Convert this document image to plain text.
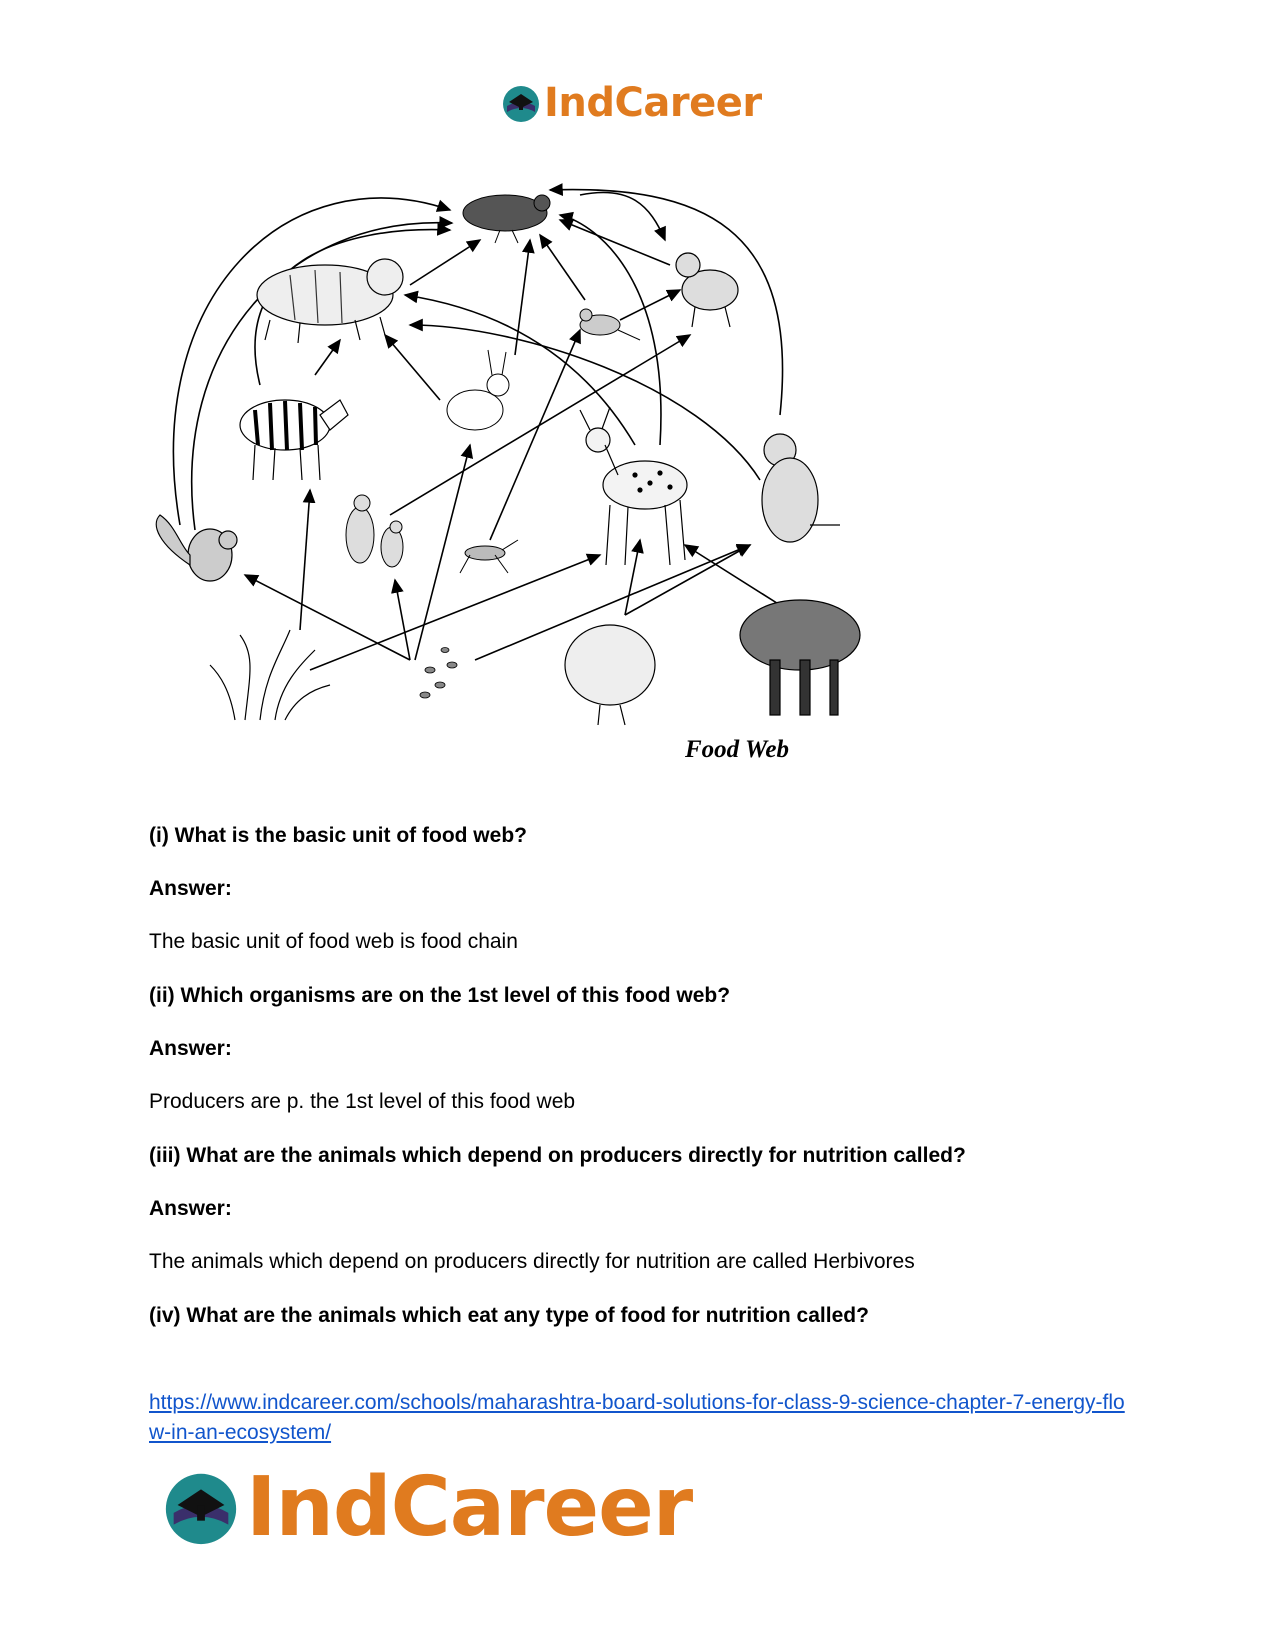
IndCareer
Food Web

(i) What is the basic unit of food web?

Answer:

The basic unit of food web is food chain

(ii) Which organisms are on the 1st level of this food web?

Answer:

Producers are p. the 1st level of this food web

(iii) What are the animals which depend on producers directly for nutrition called?

Answer:

The animals which depend on producers directly for nutrition are called Herbivores

(iv) What are the animals which eat any type of food for nutrition called?

https://www.indcareer.com/schools/maharashtra-board-solutions-for-class-9-science-chapter-7-energy-flow-in-an-ecosystem/
IndCareer
